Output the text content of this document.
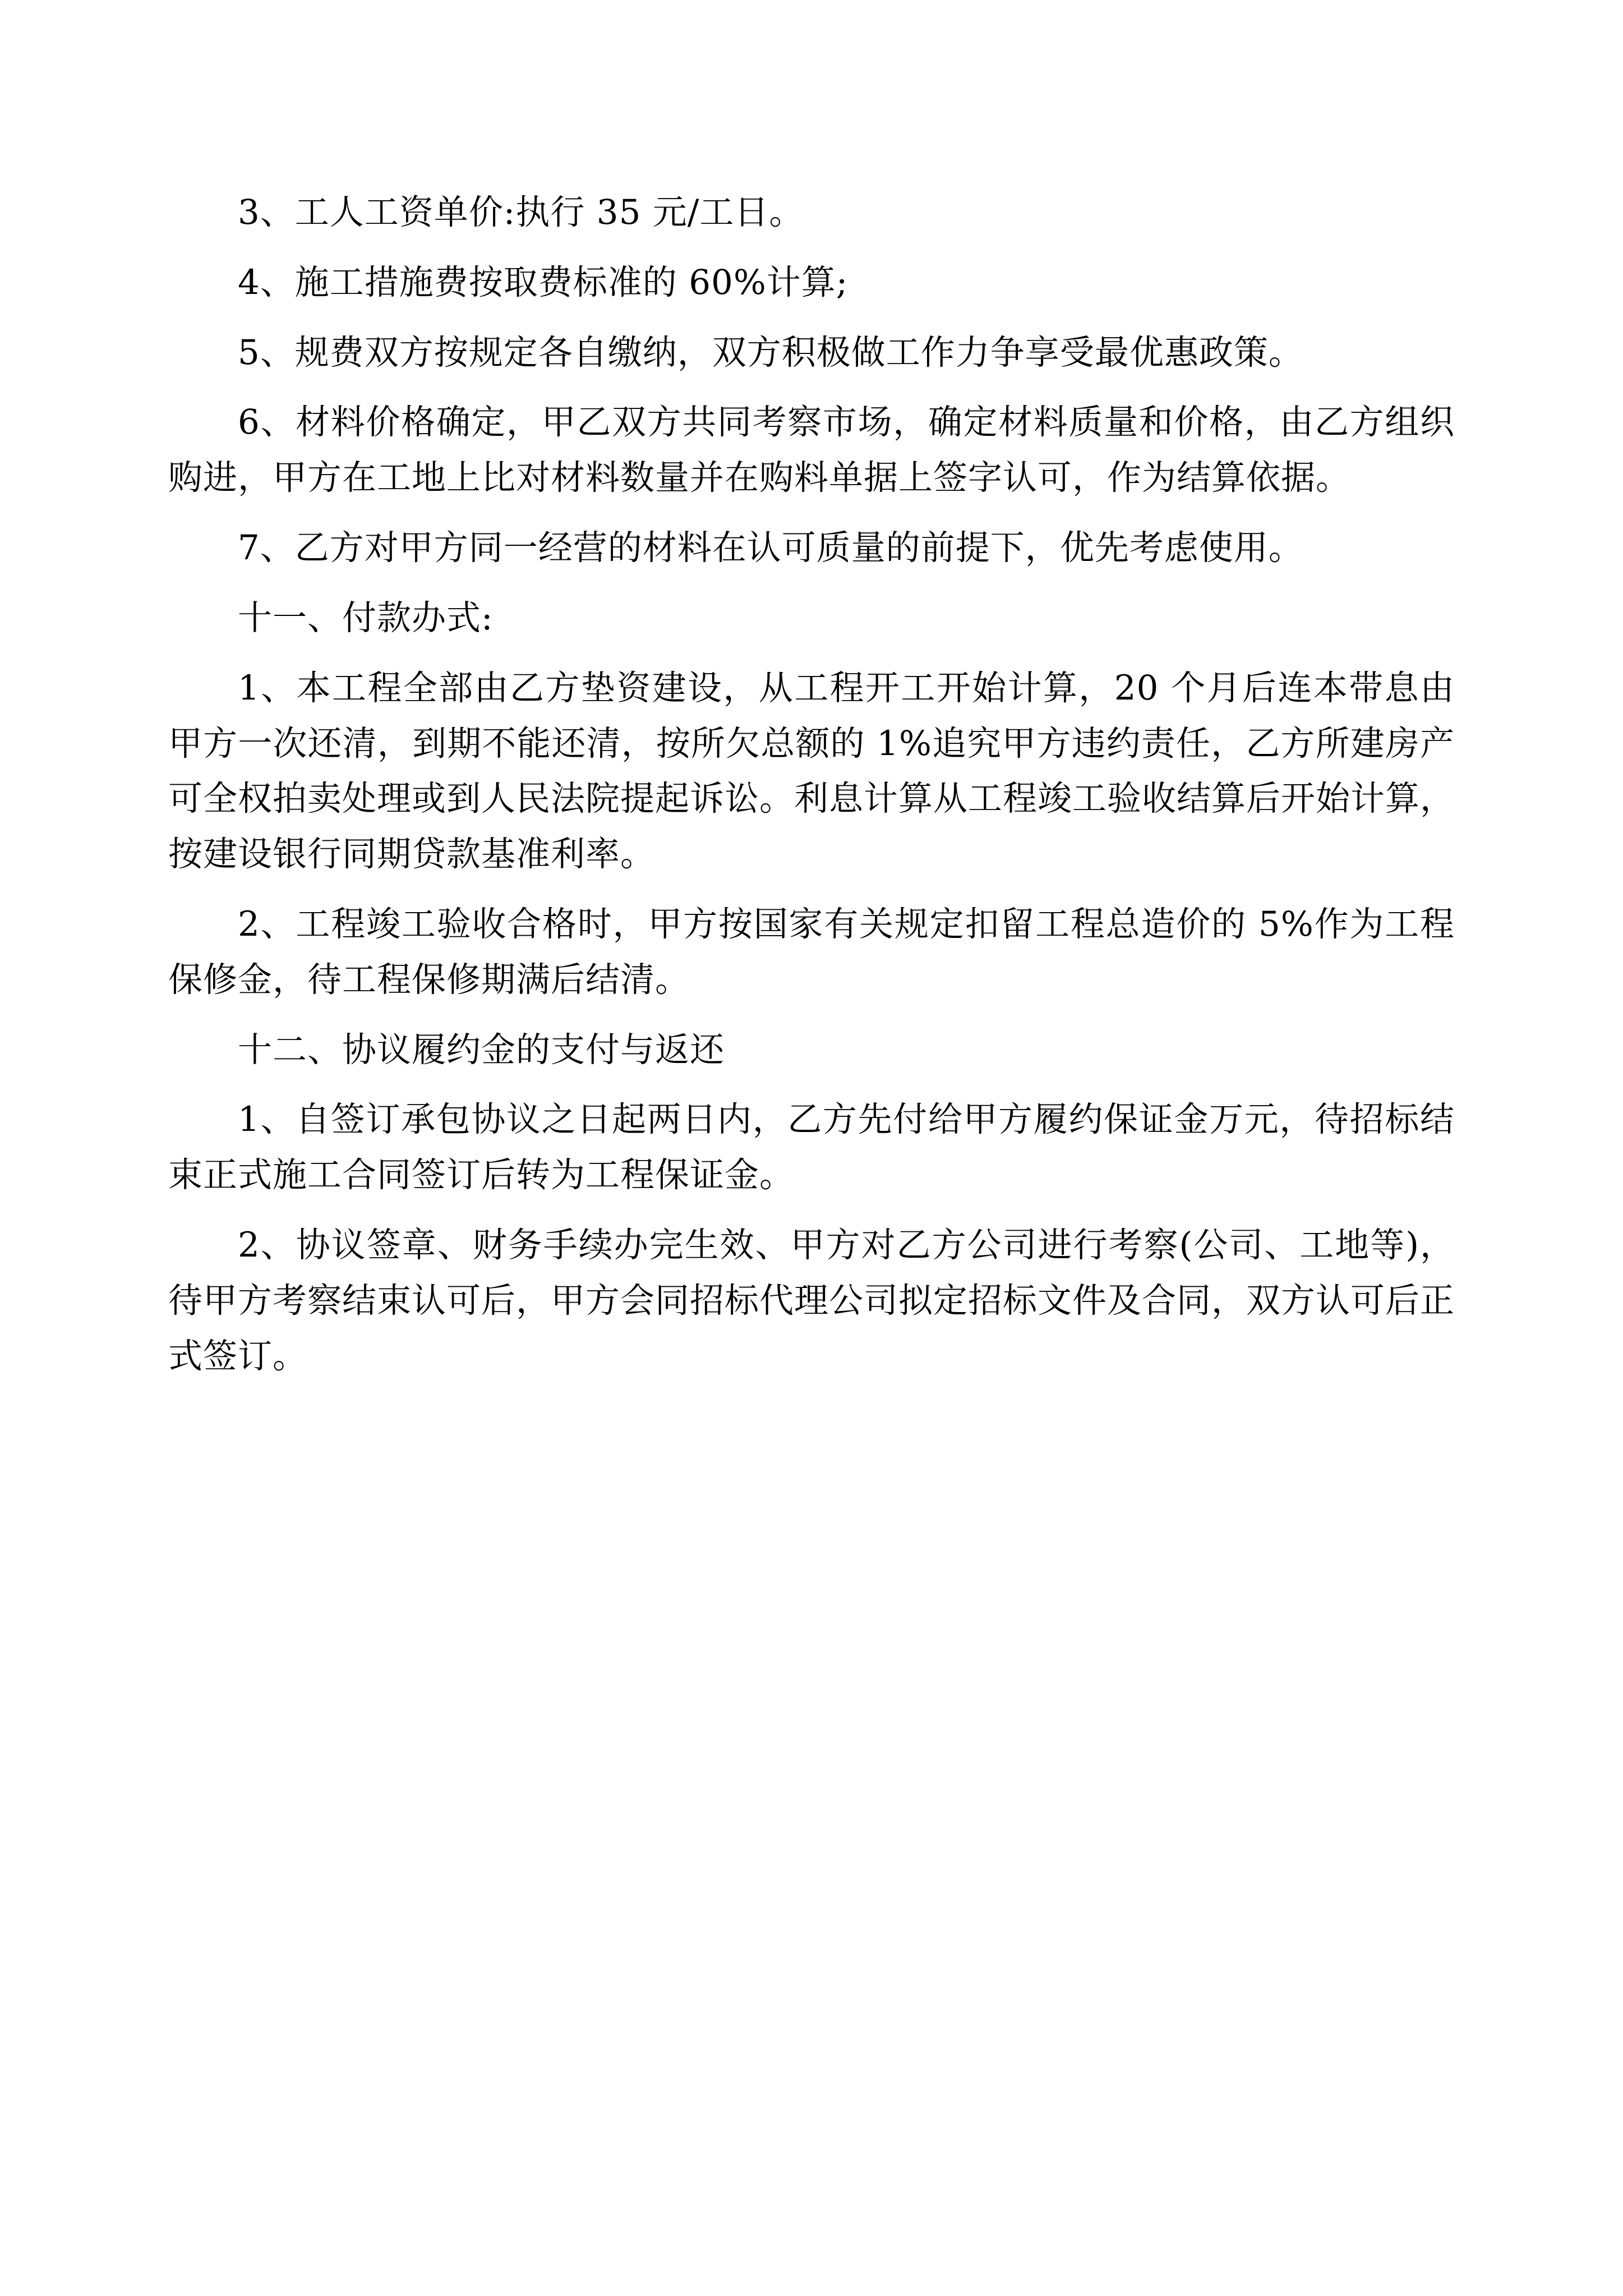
3、工人工资单价:执行 35 元/工日。

4、施工措施费按取费标准的 60%计算;

5、规费双方按规定各自缴纳，双方积极做工作力争享受最优惠政策。

6、材料价格确定，甲乙双方共同考察市场，确定材料质量和价格，由乙方组织购进，甲方在工地上比对材料数量并在购料单据上签字认可，作为结算依据。

7、乙方对甲方同一经营的材料在认可质量的前提下，优先考虑使用。

十一、付款办式:

1、本工程全部由乙方垫资建设，从工程开工开始计算，20 个月后连本带息由甲方一次还清，到期不能还清，按所欠总额的 1%追究甲方违约责任，乙方所建房产可全权拍卖处理或到人民法院提起诉讼。利息计算从工程竣工验收结算后开始计算，按建设银行同期贷款基准利率。

2、工程竣工验收合格时，甲方按国家有关规定扣留工程总造价的 5%作为工程保修金，待工程保修期满后结清。

十二、协议履约金的支付与返还

1、自签订承包协议之日起两日内，乙方先付给甲方履约保证金万元，待招标结束正式施工合同签订后转为工程保证金。

2、协议签章、财务手续办完生效、甲方对乙方公司进行考察(公司、工地等)，待甲方考察结束认可后，甲方会同招标代理公司拟定招标文件及合同，双方认可后正式签订。
